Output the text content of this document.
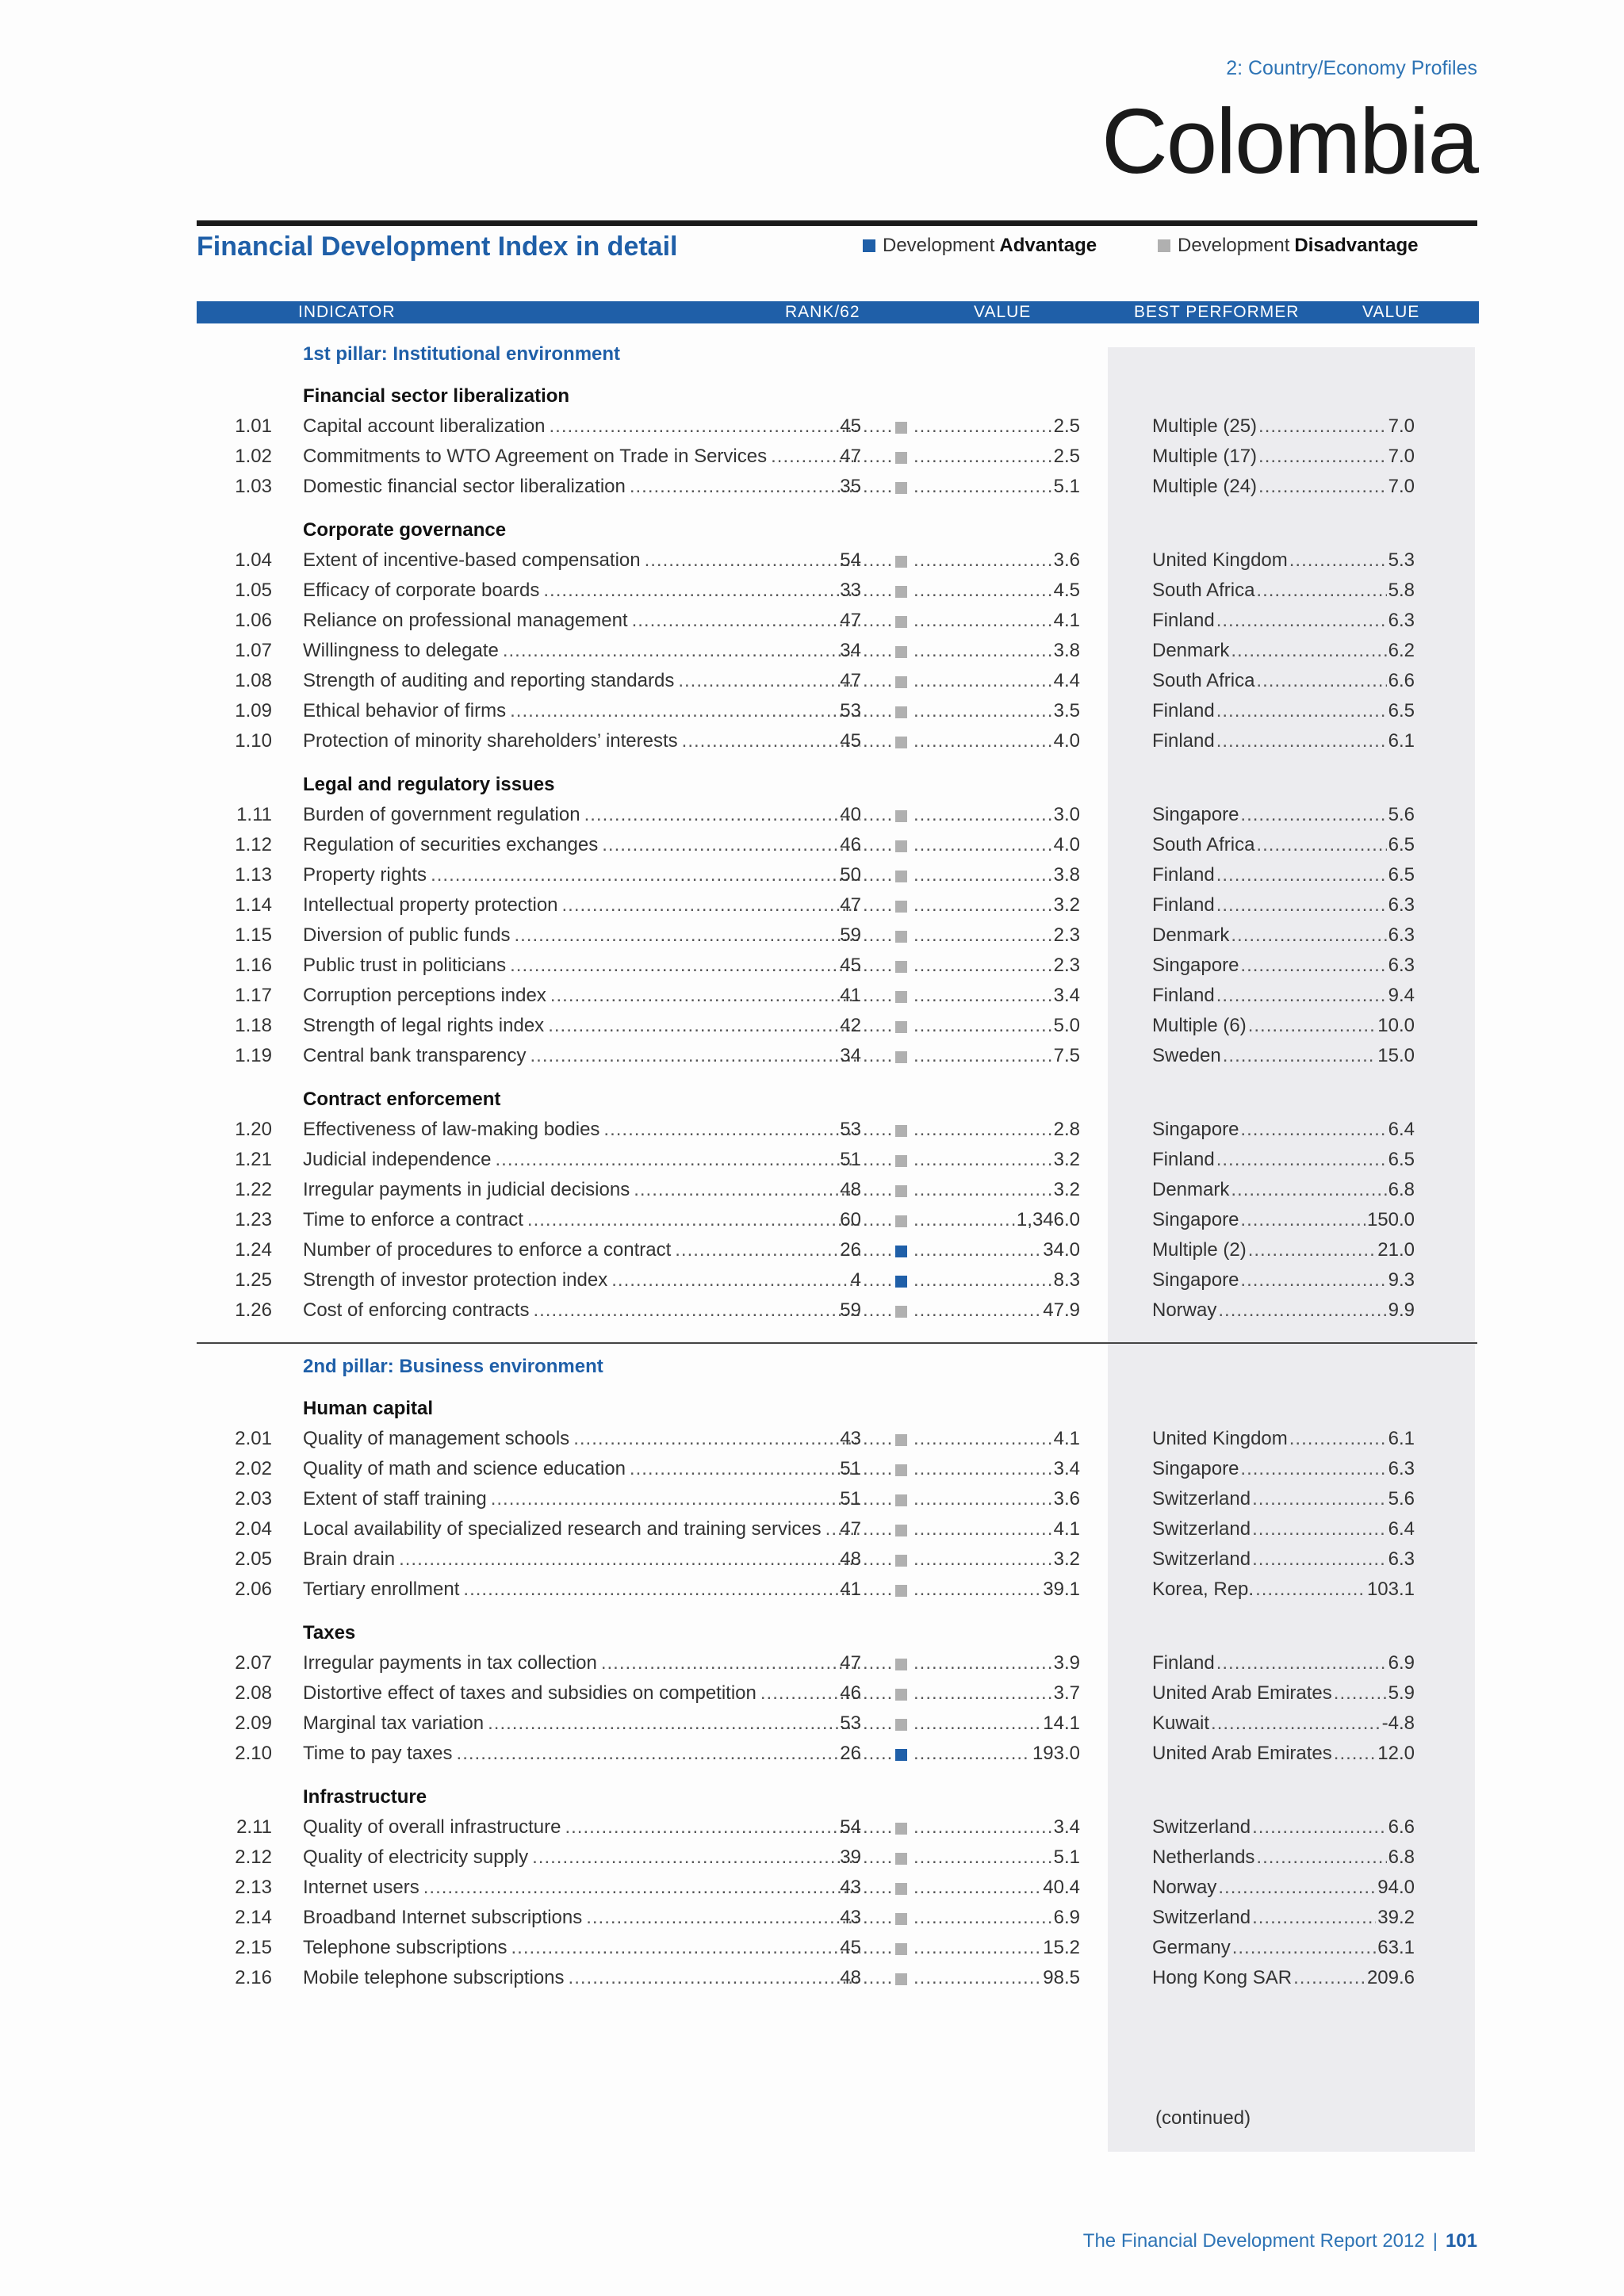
2: Country/Economy Profiles
Colombia
Financial Development Index in detail	Development Advantage	Development Disadvantage
INDICATOR	RANK/62	VALUE	BEST PERFORMER	VALUE
1st pillar: Institutional environment
Financial sector liberalization
1.01 Capital account liberalization .....	45 ..... .....	2.5	Multiple (25) .....	7.0
1.02 Commitments to WTO Agreement on Trade in Services .....	47 ..... .....	2.5	Multiple (17) .....	7.0
1.03 Domestic financial sector liberalization .....	35 ..... .....	5.1	Multiple (24) .....	7.0
Corporate governance
1.04 Extent of incentive-based compensation .....	54 ..... .....	3.6	United Kingdom .....	5.3
1.05 Efficacy of corporate boards .....	33 ..... .....	4.5	South Africa .....	5.8
1.06 Reliance on professional management .....	47 ..... .....	4.1	Finland .....	6.3
1.07 Willingness to delegate .....	34 ..... .....	3.8	Denmark .....	6.2
1.08 Strength of auditing and reporting standards .....	47 ..... .....	4.4	South Africa .....	6.6
1.09 Ethical behavior of firms .....	53 ..... .....	3.5	Finland .....	6.5
1.10 Protection of minority shareholders’ interests .....	45 ..... .....	4.0	Finland .....	6.1
Legal and regulatory issues
1.11 Burden of government regulation .....	40 ..... .....	3.0	Singapore .....	5.6
1.12 Regulation of securities exchanges .....	46 ..... .....	4.0	South Africa .....	6.5
1.13 Property rights .....	50 ..... .....	3.8	Finland .....	6.5
1.14 Intellectual property protection .....	47 ..... .....	3.2	Finland .....	6.3
1.15 Diversion of public funds .....	59 ..... .....	2.3	Denmark .....	6.3
1.16 Public trust in politicians .....	45 ..... .....	2.3	Singapore .....	6.3
1.17 Corruption perceptions index .....	41 ..... .....	3.4	Finland .....	9.4
1.18 Strength of legal rights index .....	42 ..... .....	5.0	Multiple (6) .....	10.0
1.19 Central bank transparency .....	34 ..... .....	7.5	Sweden .....	15.0
Contract enforcement
1.20 Effectiveness of law-making bodies .....	53 ..... .....	2.8	Singapore .....	6.4
1.21 Judicial independence .....	51 ..... .....	3.2	Finland .....	6.5
1.22 Irregular payments in judicial decisions .....	48 ..... .....	3.2	Denmark .....	6.8
1.23 Time to enforce a contract .....	60 ..... .....	1,346.0	Singapore .....	150.0
1.24 Number of procedures to enforce a contract .....	26 ..... .....	34.0	Multiple (2) .....	21.0
1.25 Strength of investor protection index .....	4 ..... .....	8.3	Singapore .....	9.3
1.26 Cost of enforcing contracts .....	59 ..... .....	47.9	Norway .....	9.9
2nd pillar: Business environment
Human capital
2.01 Quality of management schools .....	43 ..... .....	4.1	United Kingdom .....	6.1
2.02 Quality of math and science education .....	51 ..... .....	3.4	Singapore .....	6.3
2.03 Extent of staff training .....	51 ..... .....	3.6	Switzerland .....	5.6
2.04 Local availability of specialized research and training services ..... 47 ..... .....	4.1	Switzerland .....	6.4
2.05 Brain drain .....	48 ..... .....	3.2	Switzerland .....	6.3
2.06 Tertiary enrollment .....	41 ..... .....	39.1	Korea, Rep. .....	103.1
Taxes
2.07 Irregular payments in tax collection .....	47 ..... .....	3.9	Finland .....	6.9
2.08 Distortive effect of taxes and subsidies on competition .....	46 ..... .....	3.7	United Arab Emirates .....	5.9
2.09 Marginal tax variation .....	53 ..... .....	14.1	Kuwait .....	-4.8
2.10 Time to pay taxes .....	26 ..... .....	193.0	United Arab Emirates ..... 12.0
Infrastructure
2.11 Quality of overall infrastructure .....	54 ..... .....	3.4	Switzerland .....	6.6
2.12 Quality of electricity supply .....	39 ..... .....	5.1	Netherlands .....	6.8
2.13 Internet users .....	43 ..... .....	40.4	Norway .....	94.0
2.14 Broadband Internet subscriptions .....	43 ..... .....	6.9	Switzerland .....	39.2
2.15 Telephone subscriptions .....	45 ..... .....	15.2	Germany .....	63.1
2.16 Mobile telephone subscriptions .....	48 ..... .....	98.5	Hong Kong SAR .....	209.6
(continued)
The Financial Development Report 2012 | 101
